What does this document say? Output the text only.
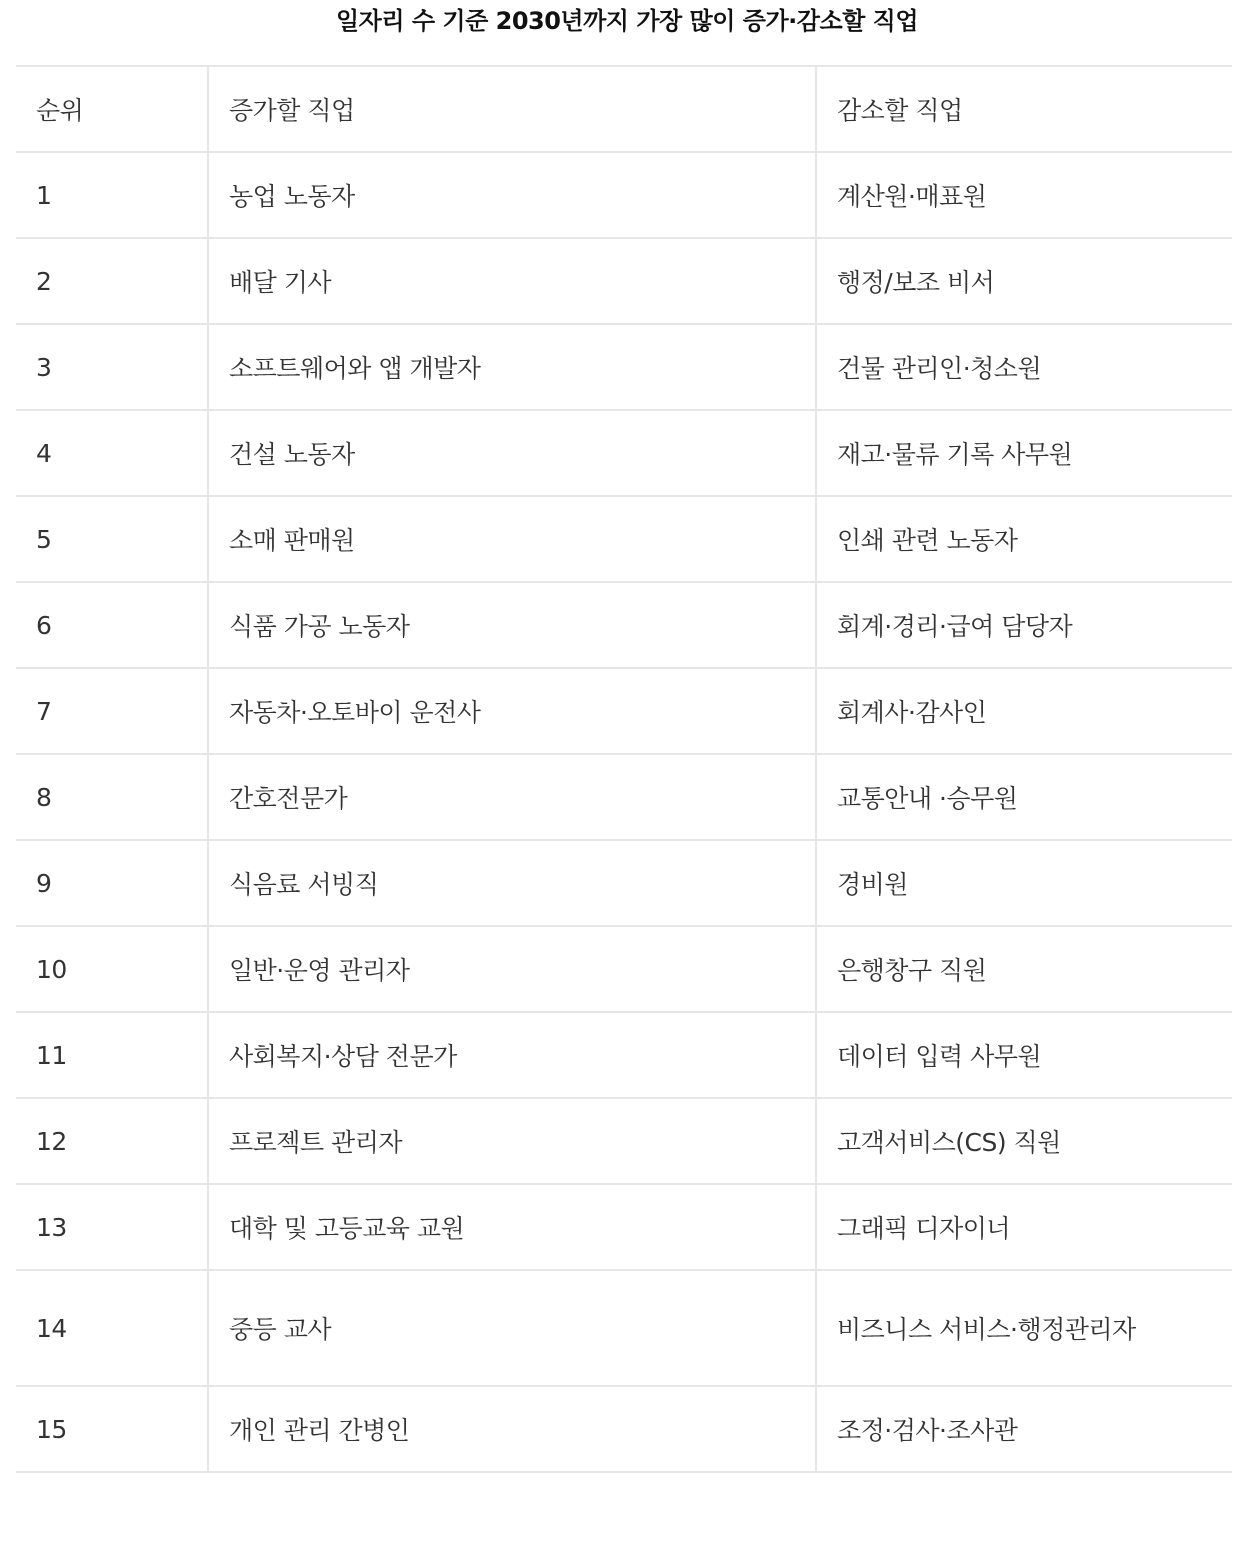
일자리 수 기준 2030년까지 가장 많이 증가·감소할 직업
순위	증가할 직업	감소할 직업
1	농업 노동자	계산원·매표원
2	배달 기사	행정/보조 비서
3	소프트웨어와 앱 개발자	건물 관리인·청소원
4	건설 노동자	재고·물류 기록 사무원
5	소매 판매원	인쇄 관련 노동자
6	식품 가공 노동자	회계·경리·급여 담당자
7	자동차·오토바이 운전사	회계사·감사인
8	간호전문가	교통안내 ·승무원
9	식음료 서빙직	경비원
10	일반·운영 관리자	은행창구 직원
11	사회복지·상담 전문가	데이터 입력 사무원
12	프로젝트 관리자	고객서비스(CS) 직원
13	대학 및 고등교육 교원	그래픽 디자이너
14	중등 교사	비즈니스 서비스·행정관리자
15	개인 관리 간병인	조정·검사·조사관
